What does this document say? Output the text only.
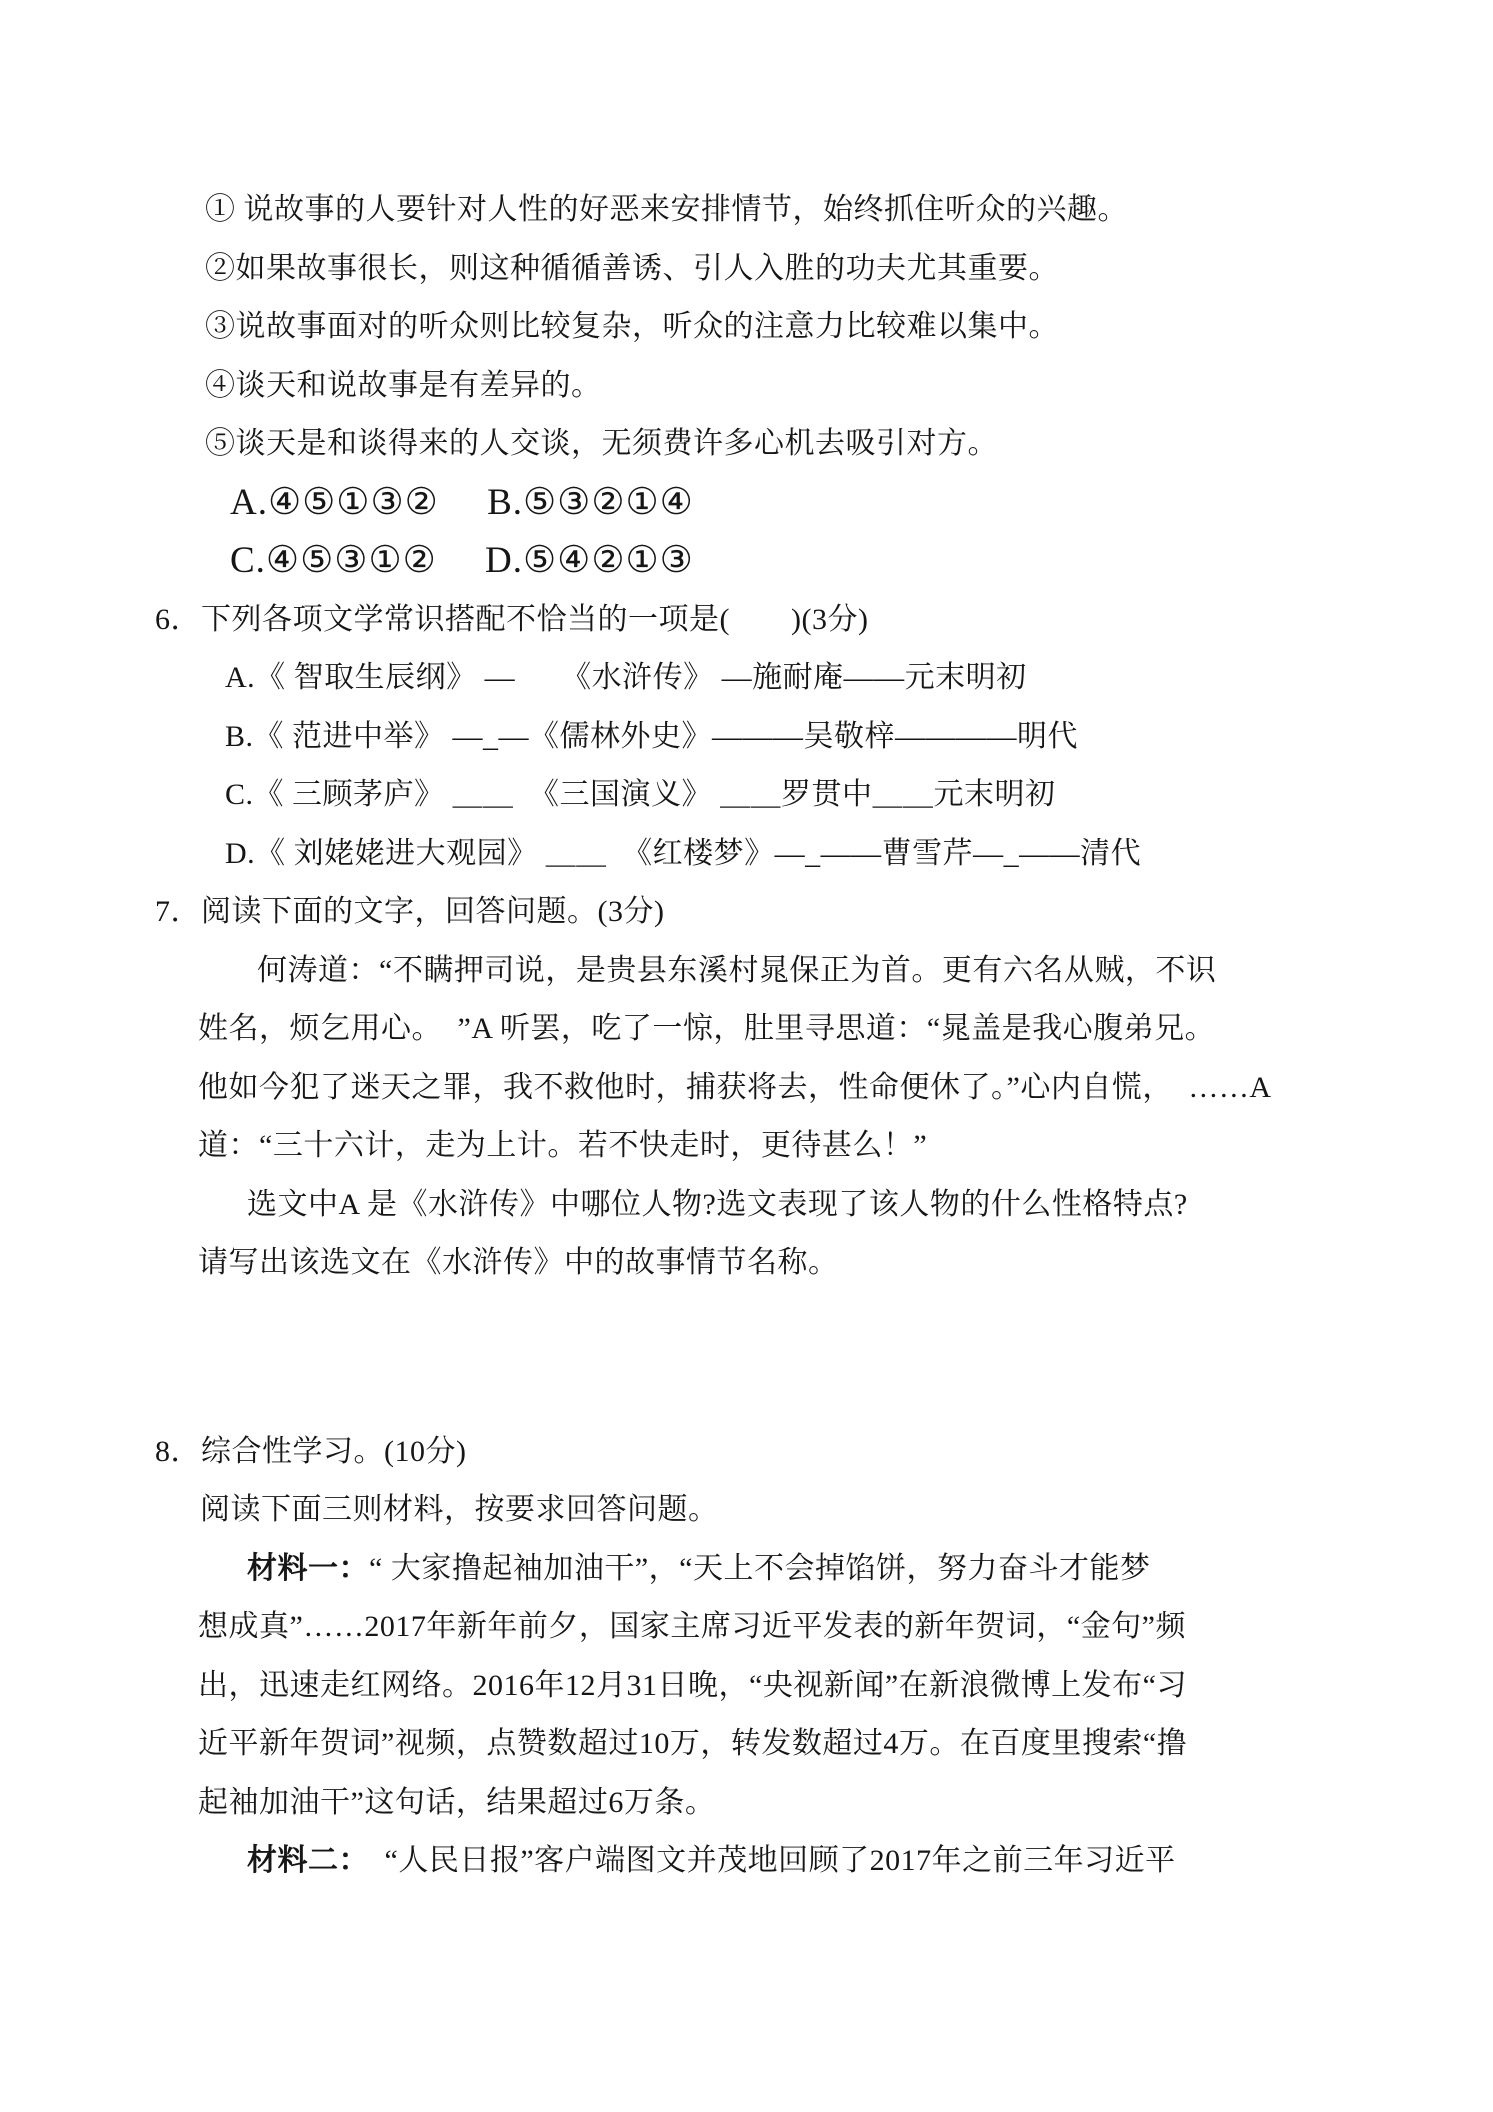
① 说故事的人要针对人性的好恶来安排情节，始终抓住听众的兴趣。
②如果故事很长，则这种循循善诱、引人入胜的功夫尤其重要。
③说故事面对的听众则比较复杂，听众的注意力比较难以集中。
④谈天和说故事是有差异的。
⑤谈天是和谈得来的人交谈，无须费许多心机去吸引对方。
A.④⑤①③②　 B.⑤③②①④
C.④⑤③①②　 D.⑤④②①③
6．下列各项文学常识搭配不恰当的一项是(　　)(3分)
A.《 智取生辰纲》 —　　《水浒传》 —施耐庵——元末明初
B.《 范进中举》 —_—《儒林外史》———吴敬梓————明代
C.《 三顾茅庐》 ＿＿　《三国演义》 ＿＿罗贯中＿＿元末明初
D.《 刘姥姥进大观园》 ＿＿　《红楼梦》—_——曹雪芹—_——清代
7．阅读下面的文字，回答问题。(3分)
何涛道：“不瞒押司说，是贵县东溪村晁保正为首。更有六名从贼，不识
姓名，烦乞用心。　”A 听罢，吃了一惊，肚里寻思道：“晁盖是我心腹弟兄。
他如今犯了迷天之罪，我不救他时，捕获将去，性命便休了。”心内自慌，　……A
道：“三十六计，走为上计。若不快走时，更待甚么！”
选文中A 是《水浒传》中哪位人物?选文表现了该人物的什么性格特点?
请写出该选文在《水浒传》中的故事情节名称。
8．综合性学习。(10分)
阅读下面三则材料，按要求回答问题。
材料一：“ 大家撸起袖加油干”，“天上不会掉馅饼，努力奋斗才能梦
想成真”……2017年新年前夕，国家主席习近平发表的新年贺词，“金句”频
出，迅速走红网络。2016年12月31日晚，“央视新闻”在新浪微博上发布“习
近平新年贺词”视频，点赞数超过10万，转发数超过4万。在百度里搜索“撸
起袖加油干”这句话，结果超过6万条。
材料二：　“人民日报”客户端图文并茂地回顾了2017年之前三年习近平
